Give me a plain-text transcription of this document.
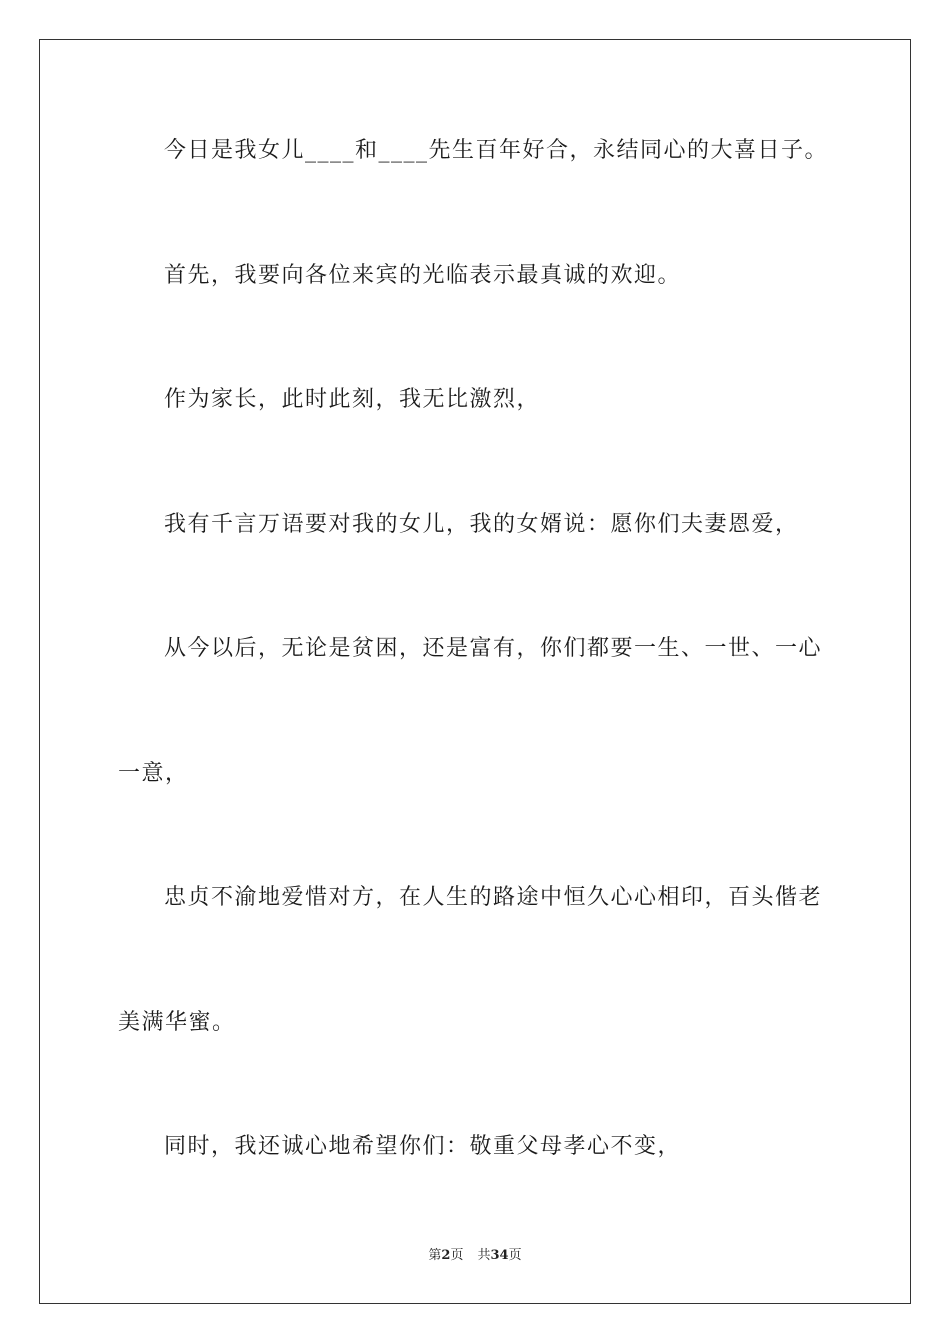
今日是我女儿____和____先生百年好合，永结同心的大喜日子。
首先，我要向各位来宾的光临表示最真诚的欢迎。
作为家长，此时此刻，我无比激烈，
我有千言万语要对我的女儿，我的女婿说：愿你们夫妻恩爱，
从今以后，无论是贫困，还是富有，你们都要一生、一世、一心
一意，
忠贞不渝地爱惜对方，在人生的路途中恒久心心相印，百头偕老
美满华蜜。
同时，我还诚心地希望你们：敬重父母孝心不变，
第2页 共34页
